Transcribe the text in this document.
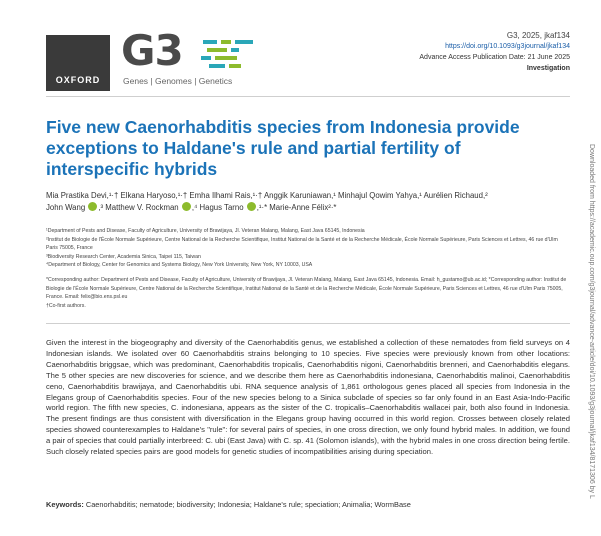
OXFORD
G3
Genes | Genomes | Genetics
G3, 2025, jkaf134
https://doi.org/10.1093/g3journal/jkaf134
Advance Access Publication Date: 21 June 2025
Investigation
Five new Caenorhabditis species from Indonesia provide exceptions to Haldane's rule and partial fertility of interspecific hybrids
Mia Prastika Devi,¹·† Elkana Haryoso,¹·† Emha Ilhami Rais,¹·† Anggik Karuniawan,¹ Minhajul Qowim Yahya,¹ Aurélien Richaud,²
John Wang ,³ Matthew V. Rockman ,⁴ Hagus Tarno ,¹·* Marie-Anne Félix²·*
¹Department of Pests and Disease, Faculty of Agriculture, University of Brawijaya, Jl. Veteran Malang, Malang, East Java 65145, Indonesia
²Institut de Biologie de l'École Normale Supérieure, Centre National de la Recherche Scientifique, Institut National de la Santé et de la Recherche Médicale, École Normale Supérieure, Paris Sciences et Lettres, 46 rue d'Ulm Paris 75005, France
³Biodiversity Research Center, Academia Sinica, Taipei 115, Taiwan
⁴Department of Biology, Center for Genomics and Systems Biology, New York University, New York, NY 10003, USA
*Corresponding author: Department of Pests and Disease, Faculty of Agriculture, University of Brawijaya, Jl. Veteran Malang, Malang, East Java 65145, Indonesia. Email: h_gustamo@ub.ac.id; *Corresponding author: Institut de Biologie de l'École Normale Supérieure, Centre National de la Recherche Scientifique, Institut National de la Santé et de la Recherche Médicale, École Normale Supérieure, Paris Sciences et Lettres, 46 rue d'Ulm Paris 75005, France. Email: felix@bio.ens.psl.eu
†Co-first authors.
Given the interest in the biogeography and diversity of the Caenorhabditis genus, we established a collection of these nematodes from field surveys on 4 Indonesian islands. We isolated over 60 Caenorhabditis strains belonging to 10 species. Five species were previously known from other locations: Caenorhabditis briggsae, which was predominant, Caenorhabditis tropicalis, Caenorhabditis nigoni, Caenorhabditis brenneri, and Caenorhabditis elegans. The 5 other species are new discoveries for science, and we describe them here as Caenorhabditis indonesiana, Caenorhabditis malinoi, Caenorhabditis ceno, Caenorhabditis brawijaya, and Caenorhabditis ubi. RNA sequence analysis of 1,861 orthologous genes placed all species from Indonesia in the Elegans group of Caenorhabditis species. Four of the new species belong to a Sinica subclade of species so far only found in an East Asia-Indo-Pacific world region. The fifth new species, C. indonesiana, appears as the sister of the C. tropicalis–Caenorhabditis wallacei pair, both also found in Indonesia. The present findings are thus consistent with diversification in the Elegans group having occurred in this world region. Crosses between closely related species showed counterexamples to Haldane's "rule": for several pairs of species, in one cross direction, we only found hybrid males. In addition, we found a pair of species that could partially interbreed: C. ubi (East Java) with C. sp. 41 (Solomon islands), with the hybrid males in one cross direction being fertile. Such closely related species pairs are good models for genetic studies of incompatibilities arising during speciation.
Keywords: Caenorhabditis; nematode; biodiversity; Indonesia; Haldane's rule; speciation; Animalia; WormBase
Downloaded from https://academic.oup.com/g3journal/advance-article/doi/10.1093/g3journal/jkaf134/8171306 by L
